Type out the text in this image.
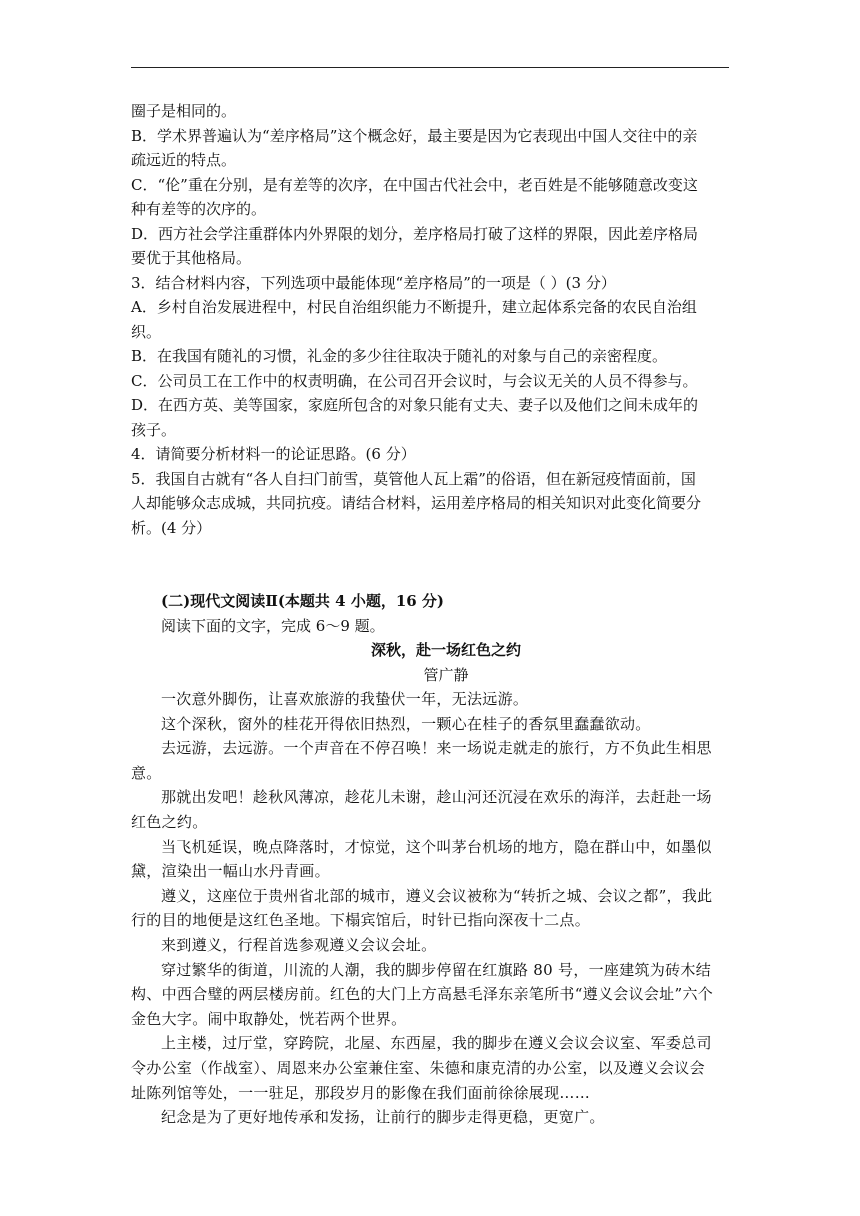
圈子是相同的。
B．学术界普遍认为“差序格局”这个概念好，最主要是因为它表现出中国人交往中的亲
疏远近的特点。
C．“伦”重在分别，是有差等的次序，在中国古代社会中，老百姓是不能够随意改变这
种有差等的次序的。
D．西方社会学注重群体内外界限的划分，差序格局打破了这样的界限，因此差序格局
要优于其他格局。
3．结合材料内容，下列选项中最能体现“差序格局”的一项是（ ）(3 分）
A．乡村自治发展进程中，村民自治组织能力不断提升，建立起体系完备的农民自治组
织。
B．在我国有随礼的习惯，礼金的多少往往取决于随礼的对象与自己的亲密程度。
C．公司员工在工作中的权责明确，在公司召开会议时，与会议无关的人员不得参与。
D．在西方英、美等国家，家庭所包含的对象只能有丈夫、妻子以及他们之间未成年的
孩子。
4．请简要分析材料一的论证思路。(6 分）
5．我国自古就有“各人自扫门前雪，莫管他人瓦上霜”的俗语，但在新冠疫情面前，国
人却能够众志成城，共同抗疫。请结合材料，运用差序格局的相关知识对此变化简要分
析。(4 分）
(二)现代文阅读Ⅱ(本题共 4 小题，16 分)
阅读下面的文字，完成 6～9 题。
深秋，赴一场红色之约
管广静
一次意外脚伤，让喜欢旅游的我蛰伏一年，无法远游。
这个深秋，窗外的桂花开得依旧热烈，一颗心在桂子的香氛里蠢蠢欲动。
去远游，去远游。一个声音在不停召唤！来一场说走就走的旅行，方不负此生相思
意。
那就出发吧！趁秋风薄凉，趁花儿未谢，趁山河还沉浸在欢乐的海洋，去赶赴一场
红色之约。
当飞机延误，晚点降落时，才惊觉，这个叫茅台机场的地方，隐在群山中，如墨似
黛，渲染出一幅山水丹青画。
遵义，这座位于贵州省北部的城市，遵义会议被称为“转折之城、会议之都”，我此
行的目的地便是这红色圣地。下榻宾馆后，时针已指向深夜十二点。
来到遵义，行程首选参观遵义会议会址。
穿过繁华的街道，川流的人潮，我的脚步停留在红旗路 80 号，一座建筑为砖木结
构、中西合璧的两层楼房前。红色的大门上方高悬毛泽东亲笔所书“遵义会议会址”六个
金色大字。闹中取静处，恍若两个世界。
上主楼，过厅堂，穿跨院，北屋、东西屋，我的脚步在遵义会议会议室、军委总司
令办公室（作战室）、周恩来办公室兼住室、朱德和康克清的办公室，以及遵义会议会
址陈列馆等处，一一驻足，那段岁月的影像在我们面前徐徐展现……
纪念是为了更好地传承和发扬，让前行的脚步走得更稳，更宽广。
